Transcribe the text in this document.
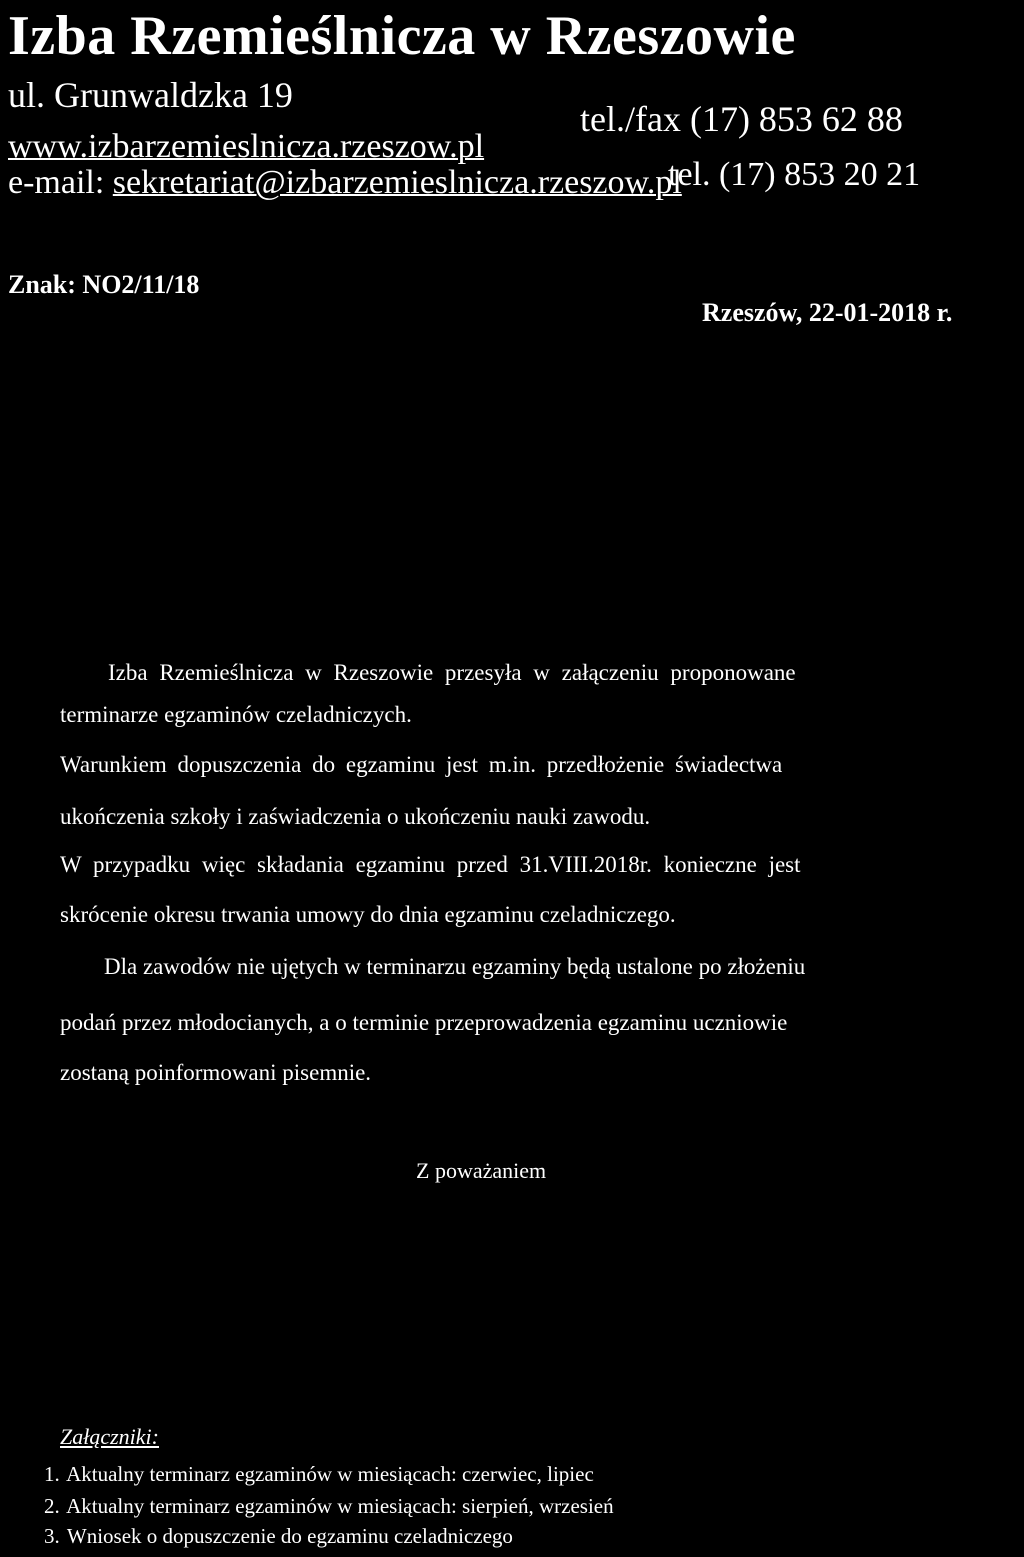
Izba Rzemieślnicza w Rzeszowie
ul. Grunwaldzka 19
tel./fax (17) 853 62 88
www.izbarzemieslnicza.rzeszow.pl
tel. (17) 853 20 21
e-mail: sekretariat@izbarzemieslnicza.rzeszow.pl
Znak: NO2/11/18
Rzeszów, 22-01-2018 r.
Izba Rzemieślnicza w Rzeszowie przesyła w załączeniu proponowane
terminarze egzaminów czeladniczych.
Warunkiem dopuszczenia do egzaminu jest m.in. przedłożenie świadectwa
ukończenia szkoły i zaświadczenia o ukończeniu nauki zawodu.
W przypadku więc składania egzaminu przed 31.VIII.2018r. konieczne jest
skrócenie okresu trwania umowy do dnia egzaminu czeladniczego.
Dla zawodów nie ujętych w terminarzu egzaminy będą ustalone po złożeniu
podań przez młodocianych, a o terminie przeprowadzenia egzaminu uczniowie
zostaną poinformowani pisemnie.
Z poważaniem
Załączniki:
1. Aktualny terminarz egzaminów w miesiącach: czerwiec, lipiec
2. Aktualny terminarz egzaminów w miesiącach: sierpień, wrzesień
3. Wniosek o dopuszczenie do egzaminu czeladniczego
